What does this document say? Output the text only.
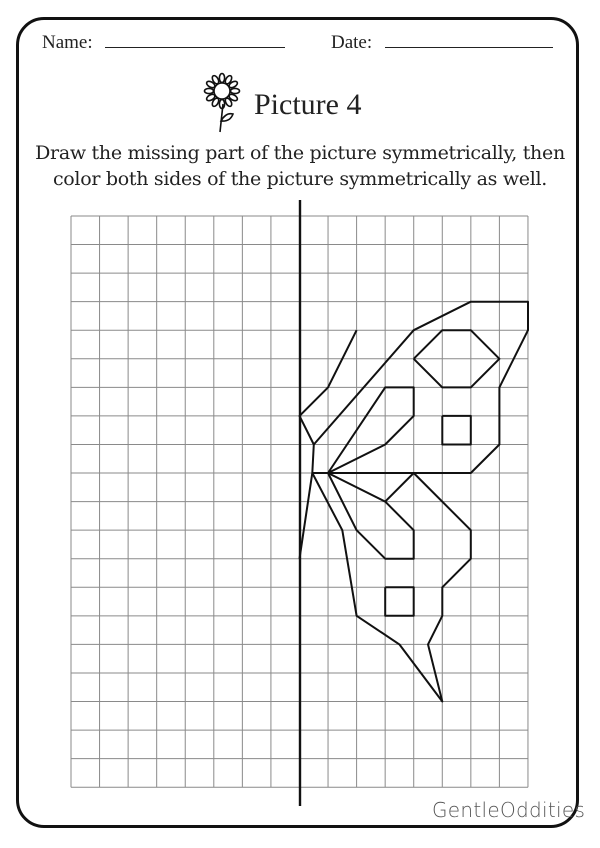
Name:	Date:
Picture 4
Draw the missing part of the picture symmetrically, then
color both sides of the picture symmetrically as well.
GentleOddities
